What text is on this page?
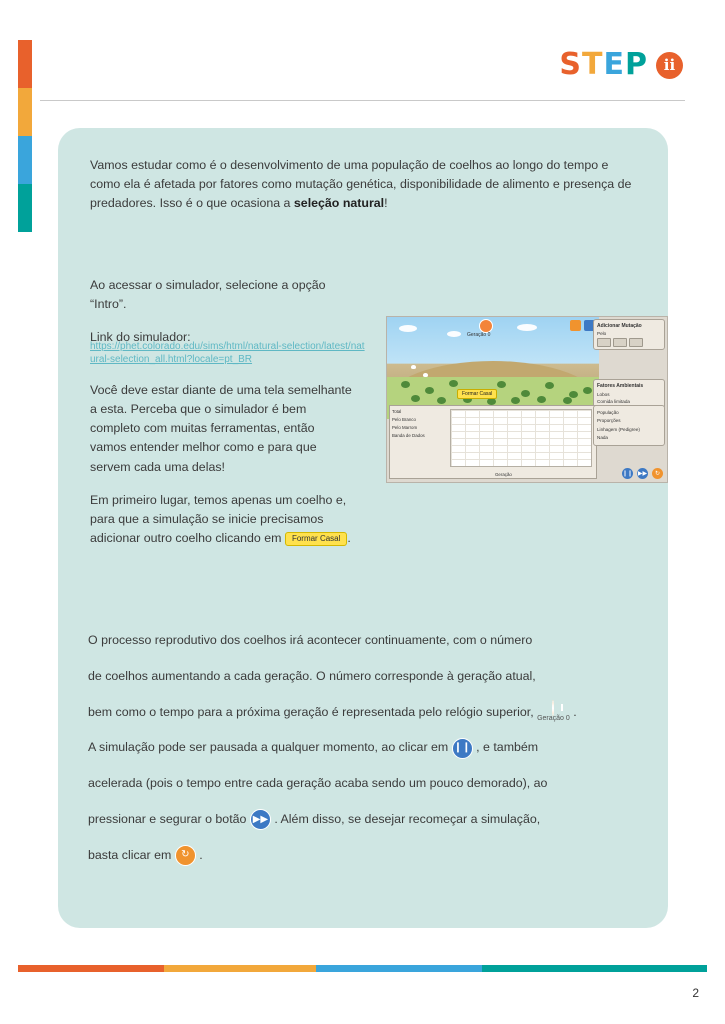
STEP	ii

Vamos estudar como é o desenvolvimento de uma população de coelhos ao longo do tempo e como ela é afetada por fatores como mutação genética, disponibilidade de alimento e presença de predadores. Isso é o que ocasiona a seleção natural!

Ao acessar o simulador, selecione a opção “Intro”.

Link do simulador:

https://phet.colorado.edu/sims/html/natural-selection/latest/natural-selection_all.html?locale=pt_BR

Você deve estar diante de uma tela semelhante a esta. Perceba que o simulador é bem completo com muitas ferramentas, então vamos entender melhor como e para que servem cada uma delas!

Em primeiro lugar, temos apenas um coelho e, para que a simulação se inicie precisamos adicionar outro coelho clicando em Formar Casal .

Geração 0
Formar Casal
Adicionar Mutação
Pelo
Fatores Ambientais
Lobos
Comida limitada
Total
Pelo Branco
Pelo Marrom
Banda de Dados
Geração
População
Proporções
Linhagem (Pedigree)
Nada
❙❙ ▶▶	↻

O processo reprodutivo dos coelhos irá acontecer continuamente, com o número

de coelhos aumentando a cada geração. O número corresponde à geração atual,

bem como o tempo para a próxima geração é representada pelo relógio superior,
Geração 0
.

A simulação pode ser pausada a qualquer momento, ao clicar em ❙❙ , e também

acelerada (pois o tempo entre cada geração acaba sendo um pouco demorado), ao

pressionar e segurar o botão ▶▶ . Além disso, se desejar recomeçar a simulação,

basta clicar em ↻ .

2
